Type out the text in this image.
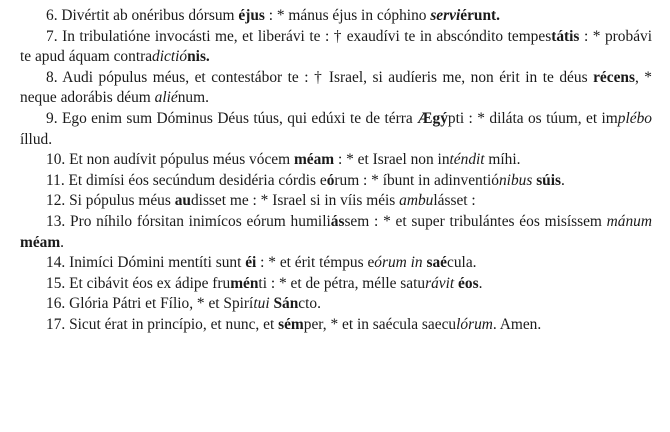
6. Divértit ab onéribus dórsum éjus : * mánus éjus in cóphino serviérunt.

7. In tribulatióne invocásti me, et liberávi te : † exaudívi te in abscóndito tempestátis : * probávi te apud áquam contradictiónis.

8. Audi pópulus méus, et contestábor te : † Israel, si audíeris me, non érit in te déus récens, * neque adorábis déum aliénum.

9. Ego enim sum Dóminus Déus túus, qui edúxi te de térra Ægýpti : * diláta os túum, et implébo íllud.

10. Et non audívit pópulus méus vócem méam : * et Israel non inténdit míhi.

11. Et dimísi éos secúndum desidéria córdis eórum : * íbunt in adinventiónibus súis.

12. Si pópulus méus audisset me : * Israel si in víis méis ambulásset :

13. Pro níhilo fórsitan inimícos eórum humiliássem : * et super tribulántes éos misíssem mánum méam.

14. Inimíci Dómini mentíti sunt éi : * et érit témpus eórum in saécula.

15. Et cibávit éos ex ádipe fruménti : * et de pétra, mélle saturávit éos.

16. Glória Pátri et Fílio, * et Spirítui Sáncto.

17. Sicut érat in princípio, et nunc, et sémper, * et in saécula saeculórum. Amen.
